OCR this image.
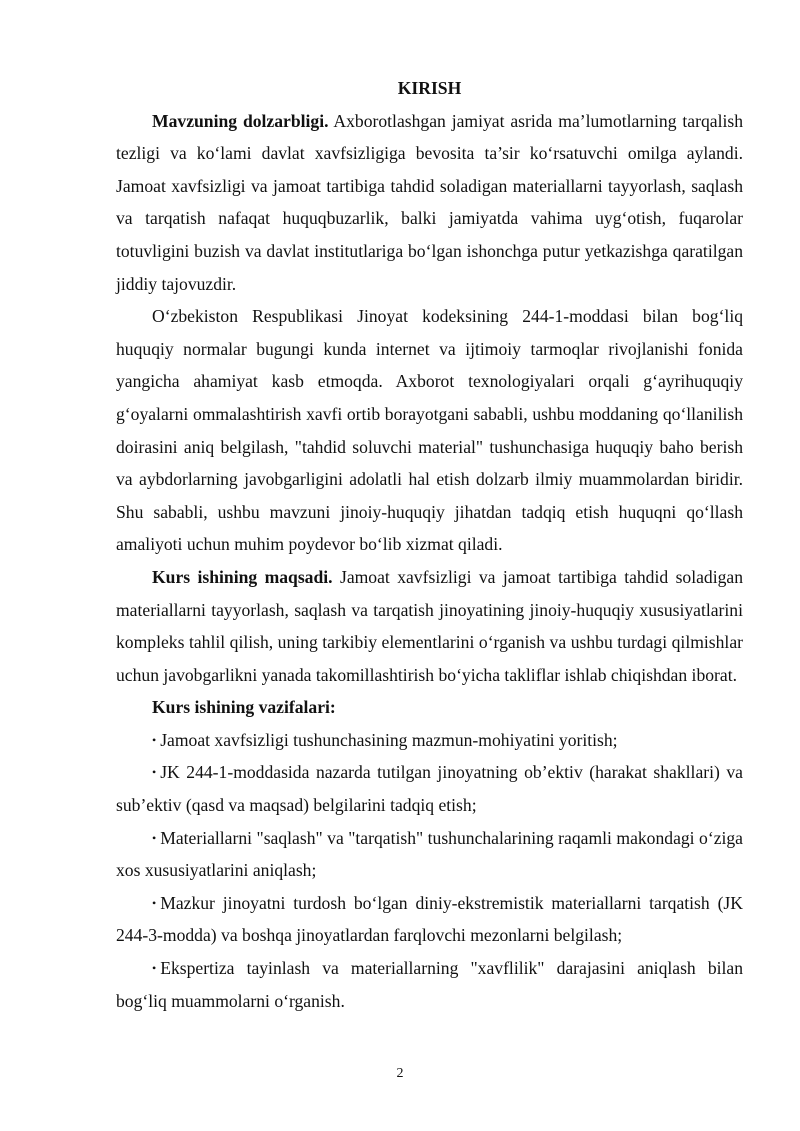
KIRISH

Mavzuning dolzarbligi. Axborotlashgan jamiyat asrida ma’lumotlarning tarqalish tezligi va ko‘lami davlat xavfsizligiga bevosita ta’sir ko‘rsatuvchi omilga aylandi. Jamoat xavfsizligi va jamoat tartibiga tahdid soladigan materiallarni tayyorlash, saqlash va tarqatish nafaqat huquqbuzarlik, balki jamiyatda vahima uyg‘otish, fuqarolar totuvligini buzish va davlat institutlariga bo‘lgan ishonchga putur yetkazishga qaratilgan jiddiy tajovuzdir.

O‘zbekiston Respublikasi Jinoyat kodeksining 244-1-moddasi bilan bog‘liq huquqiy normalar bugungi kunda internet va ijtimoiy tarmoqlar rivojlanishi fonida yangicha ahamiyat kasb etmoqda. Axborot texnologiyalari orqali g‘ayrihuquqiy g‘oyalarni ommalashtirish xavfi ortib borayotgani sababli, ushbu moddaning qo‘llanilish doirasini aniq belgilash, "tahdid soluvchi material" tushunchasiga huquqiy baho berish va aybdorlarning javobgarligini adolatli hal etish dolzarb ilmiy muammolardan biridir. Shu sababli, ushbu mavzuni jinoiy-huquqiy jihatdan tadqiq etish huquqni qo‘llash amaliyoti uchun muhim poydevor bo‘lib xizmat qiladi.

Kurs ishining maqsadi. Jamoat xavfsizligi va jamoat tartibiga tahdid soladigan materiallarni tayyorlash, saqlash va tarqatish jinoyatining jinoiy-huquqiy xususiyatlarini kompleks tahlil qilish, uning tarkibiy elementlarini o‘rganish va ushbu turdagi qilmishlar uchun javobgarlikni yanada takomillashtirish bo‘yicha takliflar ishlab chiqishdan iborat.

Kurs ishining vazifalari:

• Jamoat xavfsizligi tushunchasining mazmun-mohiyatini yoritish;

• JK 244-1-moddasida nazarda tutilgan jinoyatning ob’ektiv (harakat shakllari) va sub’ektiv (qasd va maqsad) belgilarini tadqiq etish;

• Materiallarni "saqlash" va "tarqatish" tushunchalarining raqamli makondagi o‘ziga xos xususiyatlarini aniqlash;

• Mazkur jinoyatni turdosh bo‘lgan diniy-ekstremistik materiallarni tarqatish (JK 244-3-modda) va boshqa jinoyatlardan farqlovchi mezonlarni belgilash;

• Ekspertiza tayinlash va materiallarning "xavflilik" darajasini aniqlash bilan bog‘liq muammolarni o‘rganish.

2
